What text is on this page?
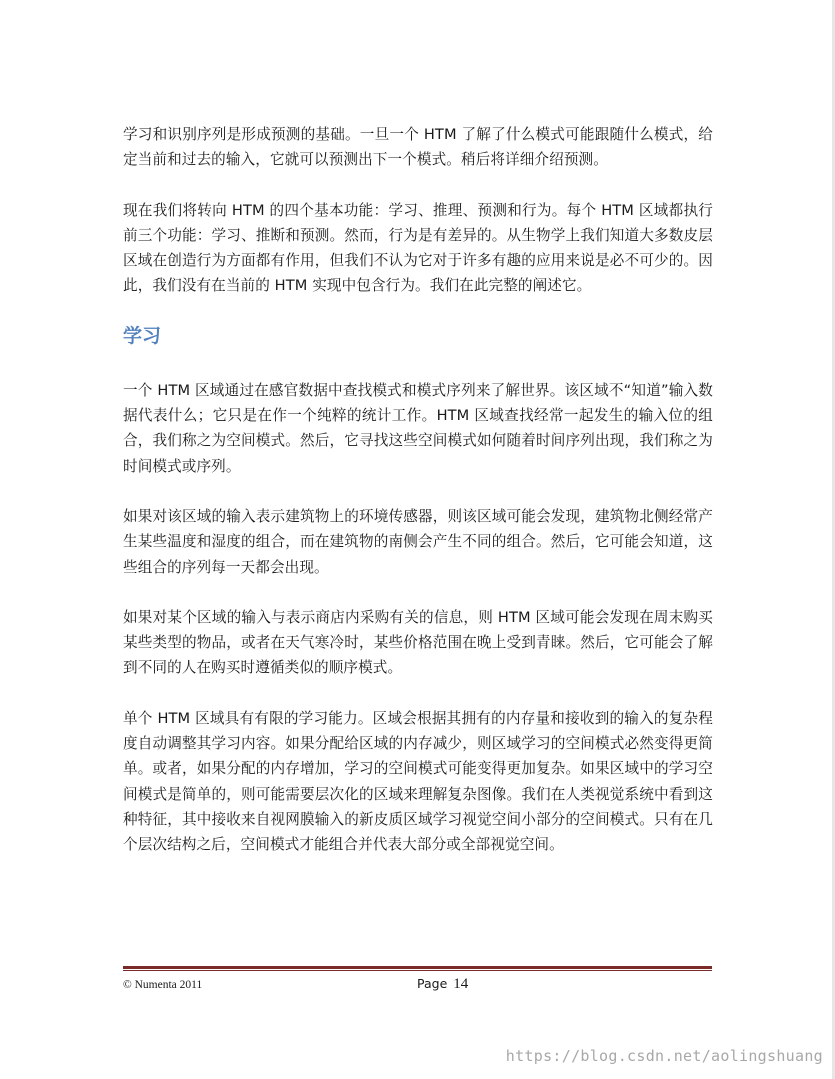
学习和识别序列是形成预测的基础。一旦一个 HTM 了解了什么模式可能跟随什么模式，给定当前和过去的输入，它就可以预测出下一个模式。稍后将详细介绍预测。

现在我们将转向 HTM 的四个基本功能：学习、推理、预测和行为。每个 HTM 区域都执行前三个功能：学习、推断和预测。然而，行为是有差异的。从生物学上我们知道大多数皮层区域在创造行为方面都有作用，但我们不认为它对于许多有趣的应用来说是必不可少的。因此，我们没有在当前的 HTM 实现中包含行为。我们在此完整的阐述它。

学习

一个 HTM 区域通过在感官数据中查找模式和模式序列来了解世界。该区域不“知道”输入数据代表什么；它只是在作一个纯粹的统计工作。HTM 区域查找经常一起发生的输入位的组合，我们称之为空间模式。然后，它寻找这些空间模式如何随着时间序列出现，我们称之为时间模式或序列。

如果对该区域的输入表示建筑物上的环境传感器，则该区域可能会发现，建筑物北侧经常产生某些温度和湿度的组合，而在建筑物的南侧会产生不同的组合。然后，它可能会知道，这些组合的序列每一天都会出现。

如果对某个区域的输入与表示商店内采购有关的信息，则 HTM 区域可能会发现在周末购买某些类型的物品，或者在天气寒冷时，某些价格范围在晚上受到青睐。然后，它可能会了解到不同的人在购买时遵循类似的顺序模式。

单个 HTM 区域具有有限的学习能力。区域会根据其拥有的内存量和接收到的输入的复杂程度自动调整其学习内容。如果分配给区域的内存减少，则区域学习的空间模式必然变得更简单。或者，如果分配的内存增加，学习的空间模式可能变得更加复杂。如果区域中的学习空间模式是简单的，则可能需要层次化的区域来理解复杂图像。我们在人类视觉系统中看到这种特征，其中接收来自视网膜输入的新皮质区域学习视觉空间小部分的空间模式。只有在几个层次结构之后，空间模式才能组合并代表大部分或全部视觉空间。

© Numenta 2011	Page 14
https://blog.csdn.net/aolingshuang
